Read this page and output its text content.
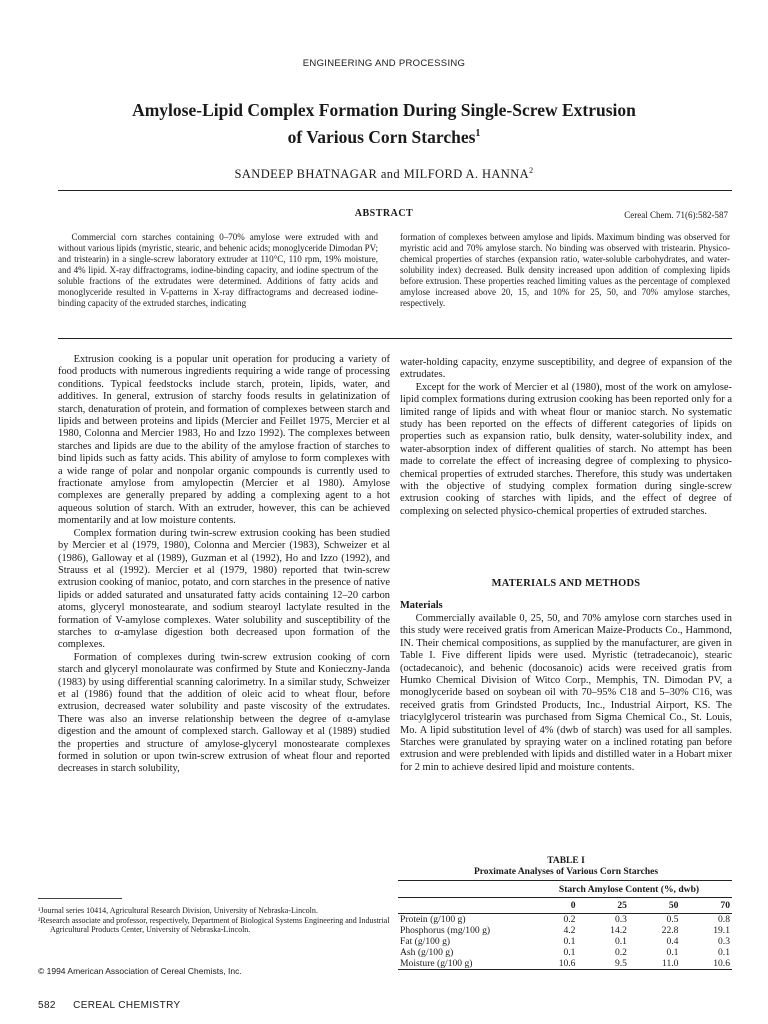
ENGINEERING AND PROCESSING
Amylose-Lipid Complex Formation During Single-Screw Extrusion
of Various Corn Starches$^1$
SANDEEP BHATNAGAR and MILFORD A. HANNA$^2$
ABSTRACT	Cereal Chem. 71(6):582-587
Commercial corn starches containing 0–70% amylose were extruded with and without various lipids (myristic, stearic, and behenic acids; monoglyceride Dimodan PV; and tristearin) in a single-screw laboratory extruder at 110°C, 110 rpm, 19% moisture, and 4% lipid. X-ray diffractograms, iodine-binding capacity, and iodine spectrum of the soluble fractions of the extrudates were determined. Additions of fatty acids and monoglyceride resulted in V-patterns in X-ray diffractograms and decreased iodine-binding capacity of the extruded starches, indicating
formation of complexes between amylose and lipids. Maximum binding was observed for myristic acid and 70% amylose starch. No binding was observed with tristearin. Physico-chemical properties of starches (expansion ratio, water-soluble carbohydrates, and water-solubility index) decreased. Bulk density increased upon addition of complexing lipids before extrusion. These properties reached limiting values as the percentage of complexed amylose increased above 20, 15, and 10% for 25, 50, and 70% amylose starches, respectively.

Extrusion cooking is a popular unit operation for producing a variety of food products with numerous ingredients requiring a wide range of processing conditions. Typical feedstocks include starch, protein, lipids, water, and additives. In general, extrusion of starchy foods results in gelatinization of starch, denaturation of protein, and formation of complexes between starch and lipids and between proteins and lipids (Mercier and Feillet 1975, Mercier et al 1980, Colonna and Mercier 1983, Ho and Izzo 1992). The complexes between starches and lipids are due to the ability of the amylose fraction of starches to bind lipids such as fatty acids. This ability of amylose to form complexes with a wide range of polar and nonpolar organic compounds is currently used to fractionate amylose from amylopectin (Mercier et al 1980). Amylose complexes are generally prepared by adding a complexing agent to a hot aqueous solution of starch. With an extruder, however, this can be achieved momentarily and at low moisture contents.

Complex formation during twin-screw extrusion cooking has been studied by Mercier et al (1979, 1980), Colonna and Mercier (1983), Schweizer et al (1986), Galloway et al (1989), Guzman et al (1992), Ho and Izzo (1992), and Strauss et al (1992). Mercier et al (1979, 1980) reported that twin-screw extrusion cooking of manioc, potato, and corn starches in the presence of native lipids or added saturated and unsaturated fatty acids containing 12–20 carbon atoms, glyceryl monostearate, and sodium stearoyl lactylate resulted in the formation of V-amylose complexes. Water solubility and susceptibility of the starches to α-amylase digestion both decreased upon formation of the complexes.

Formation of complexes during twin-screw extrusion cooking of corn starch and glyceryl monolaurate was confirmed by Stute and Konieczny-Janda (1983) by using differential scanning calorimetry. In a similar study, Schweizer et al (1986) found that the addition of oleic acid to wheat flour, before extrusion, decreased water solubility and paste viscosity of the extrudates. There was also an inverse relationship between the degree of α-amylase digestion and the amount of complexed starch. Galloway et al (1989) studied the properties and structure of amylose-glyceryl monostearate complexes formed in solution or upon twin-screw extrusion of wheat flour and reported decreases in starch solubility,

water-holding capacity, enzyme susceptibility, and degree of expansion of the extrudates.

Except for the work of Mercier et al (1980), most of the work on amylose-lipid complex formations during extrusion cooking has been reported only for a limited range of lipids and with wheat flour or manioc starch. No systematic study has been reported on the effects of different categories of lipids on properties such as expansion ratio, bulk density, water-solubility index, and water-absorption index of different qualities of starch. No attempt has been made to correlate the effect of increasing degree of complexing to physico-chemical properties of extruded starches. Therefore, this study was undertaken with the objective of studying complex formation during single-screw extrusion cooking of starches with lipids, and the effect of degree of complexing on selected physico-chemical properties of extruded starches.

MATERIALS AND METHODS
Materials

Commercially available 0, 25, 50, and 70% amylose corn starches used in this study were received gratis from American Maize-Products Co., Hammond, IN. Their chemical compositions, as supplied by the manufacturer, are given in Table I. Five different lipids were used. Myristic (tetradecanoic), stearic (octadecanoic), and behenic (docosanoic) acids were received gratis from Humko Chemical Division of Witco Corp., Memphis, TN. Dimodan PV, a monoglyceride based on soybean oil with 70–95% C18 and 5–30% C16, was received gratis from Grindsted Products, Inc., Industrial Airport, KS. The triacylglycerol tristearin was purchased from Sigma Chemical Co., St. Louis, Mo. A lipid substitution level of 4% (dwb of starch) was used for all samples. Starches were granulated by spraying water on a inclined rotating pan before extrusion and were preblended with lipids and distilled water in a Hobart mixer for 2 min to achieve desired lipid and moisture contents.

TABLE I
Proximate Analyses of Various Corn Starches
	Starch Amylose Content (%, dwb)			

	0	25	50	70
Protein (g/100 g)	0.2	0.3	0.5	0.8
Phosphorus (mg/100 g)	4.2	14.2	22.8	19.1
Fat (g/100 g)	0.1	0.1	0.4	0.3
Ash (g/100 g)	0.1	0.2	0.1	0.1
Moisture (g/100 g)	10.6	9.5	11.0	10.6

¹Journal series 10414, Agricultural Research Division, University of Nebraska-Lincoln.

²Research associate and professor, respectively, Department of Biological Systems Engineering and Industrial Agricultural Products Center, University of Nebraska-Lincoln.

© 1994 American Association of Cereal Chemists, Inc.
582 CEREAL CHEMISTRY
